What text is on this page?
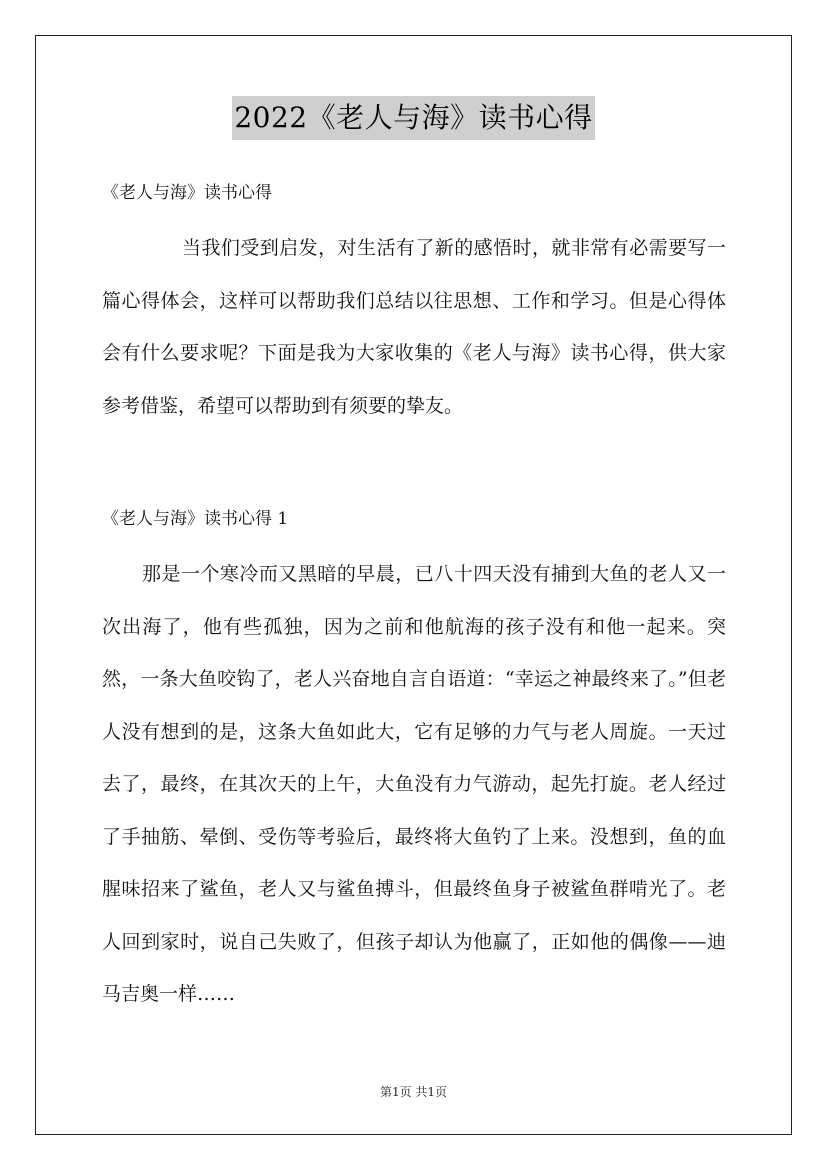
2022《老人与海》读书心得
《老人与海》读书心得

当我们受到启发，对生活有了新的感悟时，就非常有必需要写一篇心得体会，这样可以帮助我们总结以往思想、工作和学习。但是心得体会有什么要求呢？下面是我为大家收集的《老人与海》读书心得，供大家参考借鉴，希望可以帮助到有须要的挚友。

《老人与海》读书心得 1

那是一个寒冷而又黑暗的早晨，已八十四天没有捕到大鱼的老人又一次出海了，他有些孤独，因为之前和他航海的孩子没有和他一起来。突然，一条大鱼咬钩了，老人兴奋地自言自语道：“幸运之神最终来了。”但老人没有想到的是，这条大鱼如此大，它有足够的力气与老人周旋。一天过去了，最终，在其次天的上午，大鱼没有力气游动，起先打旋。老人经过了手抽筋、晕倒、受伤等考验后，最终将大鱼钓了上来。没想到，鱼的血腥味招来了鲨鱼，老人又与鲨鱼搏斗，但最终鱼身子被鲨鱼群啃光了。老人回到家时，说自己失败了，但孩子却认为他赢了，正如他的偶像——迪马吉奥一样……

第1页 共1页
